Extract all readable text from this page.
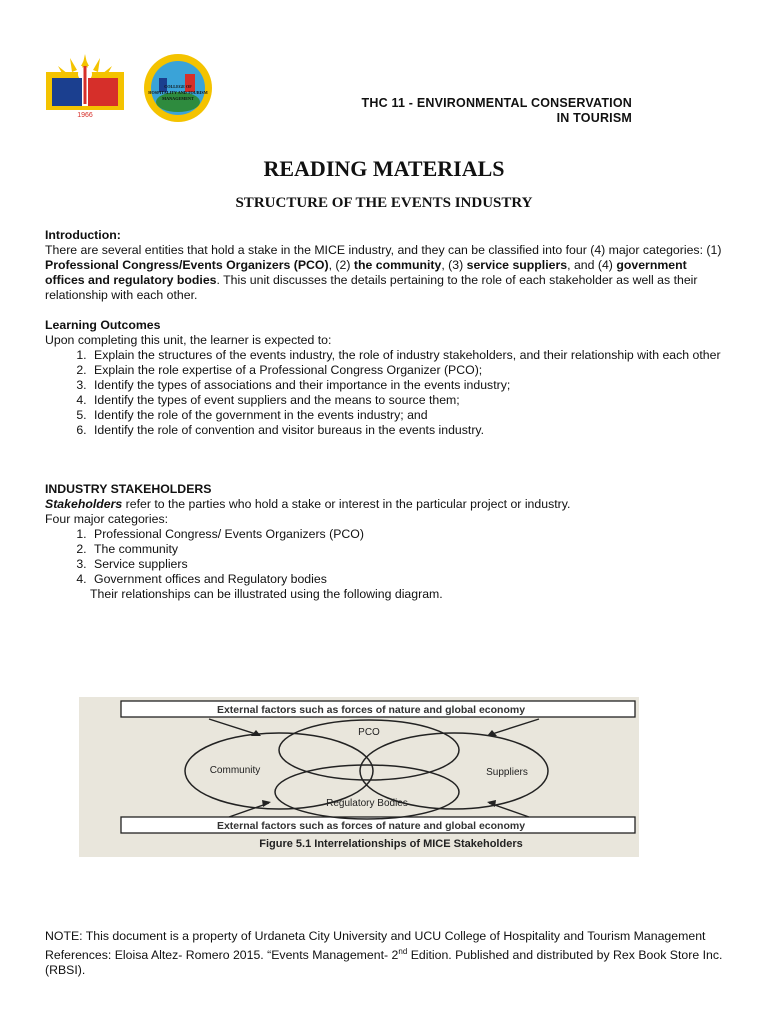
1966
COLLEGE OF
HOSPITALITY AND TOURISM
MANAGEMENT	THC 11 - ENVIRONMENTAL CONSERVATION
IN TOURISM
READING MATERIALS
STRUCTURE OF THE EVENTS INDUSTRY
Introduction:
There are several entities that hold a stake in the MICE industry, and they can be classified into four (4) major categories: (1) Professional Congress/Events Organizers (PCO), (2) the community, (3) service suppliers, and (4) government offices and regulatory bodies. This unit discusses the details pertaining to the role of each stakeholder as well as their relationship with each other.
Learning Outcomes
Upon completing this unit, the learner is expected to:
1. Explain the structures of the events industry, the role of industry stakeholders, and their relationship with each other
2. Explain the role expertise of a Professional Congress Organizer (PCO);
3. Identify the types of associations and their importance in the events industry;
4. Identify the types of event suppliers and the means to source them;
5. Identify the role of the government in the events industry; and
6. Identify the role of convention and visitor bureaus in the events industry.
INDUSTRY STAKEHOLDERS
Stakeholders refer to the parties who hold a stake or interest in the particular project or industry.
Four major categories:
1. Professional Congress/ Events Organizers (PCO)
2. The community
3. Service suppliers
4. Government offices and Regulatory bodies
Their relationships can be illustrated using the following diagram.
External factors such as forces of nature and global economy
External factors such as forces of nature and global economy
PCO
Community	Suppliers
Regulatory Bodies
Figure 5.1 Interrelationships of MICE Stakeholders
NOTE: This document is a property of Urdaneta City University and UCU College of Hospitality and Tourism Management
References: Eloisa Altez- Romero 2015. “Events Management- 2nd Edition. Published and distributed by Rex Book Store Inc. (RBSI).
